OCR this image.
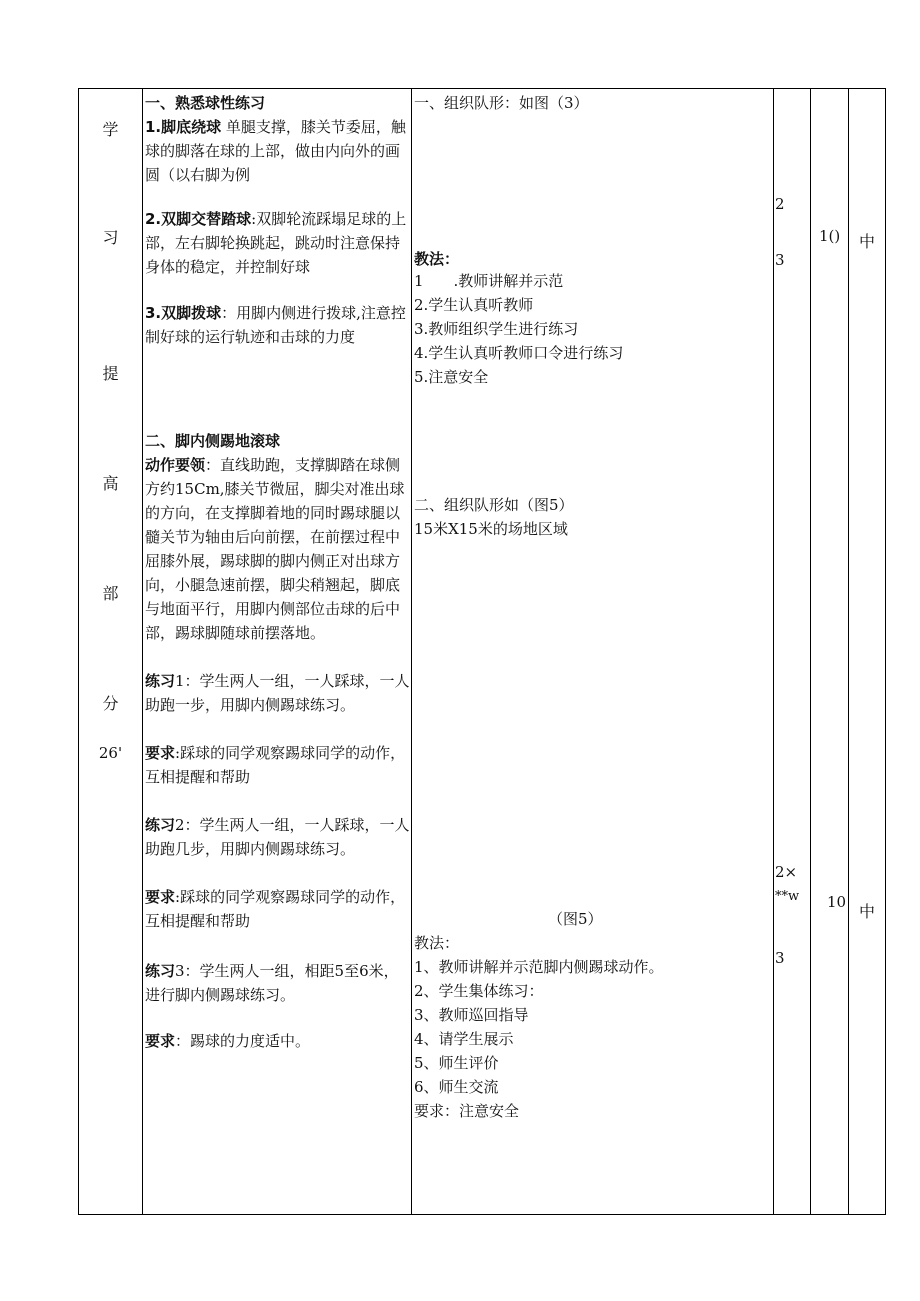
学
习
提
高
部
分
26'
一、熟悉球性练习
1.脚底绕球 单腿支撑，膝关节委屈，触球的脚落在球的上部，做由内向外的画圆（以右脚为例
2.双脚交替踏球:双脚轮流踩塌足球的上部，左右脚轮换跳起，跳动时注意保持身体的稳定，并控制好球
3.双脚拨球：用脚内侧进行拨球,注意控制好球的运行轨迹和击球的力度
二、脚内侧踢地滚球
动作要领：直线助跑，支撑脚踏在球侧方约15Cm,膝关节微屈，脚尖对准出球的方向，在支撑脚着地的同时踢球腿以髓关节为轴由后向前摆，在前摆过程中屈膝外展，踢球脚的脚内侧正对出球方向，小腿急速前摆，脚尖稍翘起，脚底与地面平行，用脚内侧部位击球的后中部，踢球脚随球前摆落地。
练习1：学生两人一组，一人踩球，一人助跑一步，用脚内侧踢球练习。
要求:踩球的同学观察踢球同学的动作，互相提醒和帮助
练习2：学生两人一组，一人踩球，一人助跑几步，用脚内侧踢球练习。
要求:踩球的同学观察踢球同学的动作，互相提醒和帮助
练习3：学生两人一组，相距5至6米，进行脚内侧踢球练习。
要求：踢球的力度适中。
一、组织队形：如图（3）
教法：
1　　.教师讲解并示范
2.学生认真听教师
3.教师组织学生进行练习
4.学生认真听教师口令进行练习
5.注意安全
二、组织队形如（图5）
15米X15米的场地区域
（图5）
教法：
1、教师讲解并示范脚内侧踢球动作。
2、学生集体练习：
3、教师巡回指导
4、请学生展示
5、师生评价
6、师生交流
要求：注意安全
2
3
2×
**w
3
1()
10
中
中
